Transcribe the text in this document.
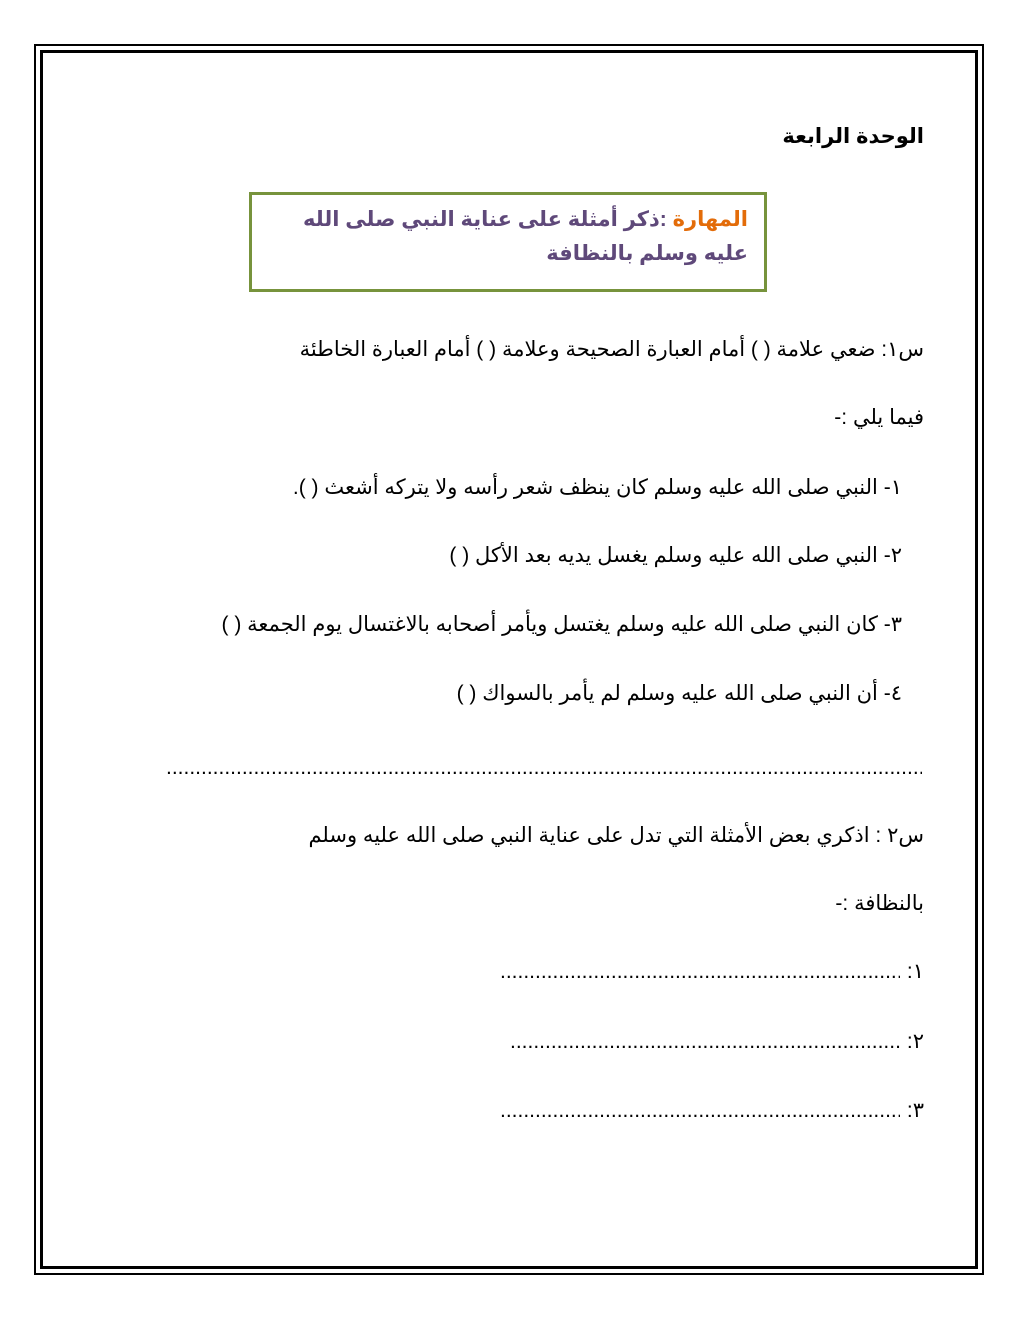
الوحدة الرابعة
المهارة :ذكر أمثلة على عناية النبي صلى الله عليه وسلم بالنظافة
س١: ضعي علامة ( ) أمام العبارة الصحيحة وعلامة ( ) أمام العبارة الخاطئة
فيما يلي :-
١- النبي صلى الله عليه وسلم كان ينظف شعر رأسه ولا يتركه أشعث ( ).
٢- النبي صلى الله عليه وسلم يغسل يديه بعد الأكل ( )
٣- كان النبي صلى الله عليه وسلم يغتسل ويأمر أصحابه بالاغتسال يوم الجمعة ( )
٤- أن النبي صلى الله عليه وسلم لم يأمر بالسواك ( )
.....
س٢ : اذكري بعض الأمثلة التي تدل على عناية النبي صلى الله عليه وسلم
بالنظافة :-
١:
.....
٢:
.....
٣:
.....
